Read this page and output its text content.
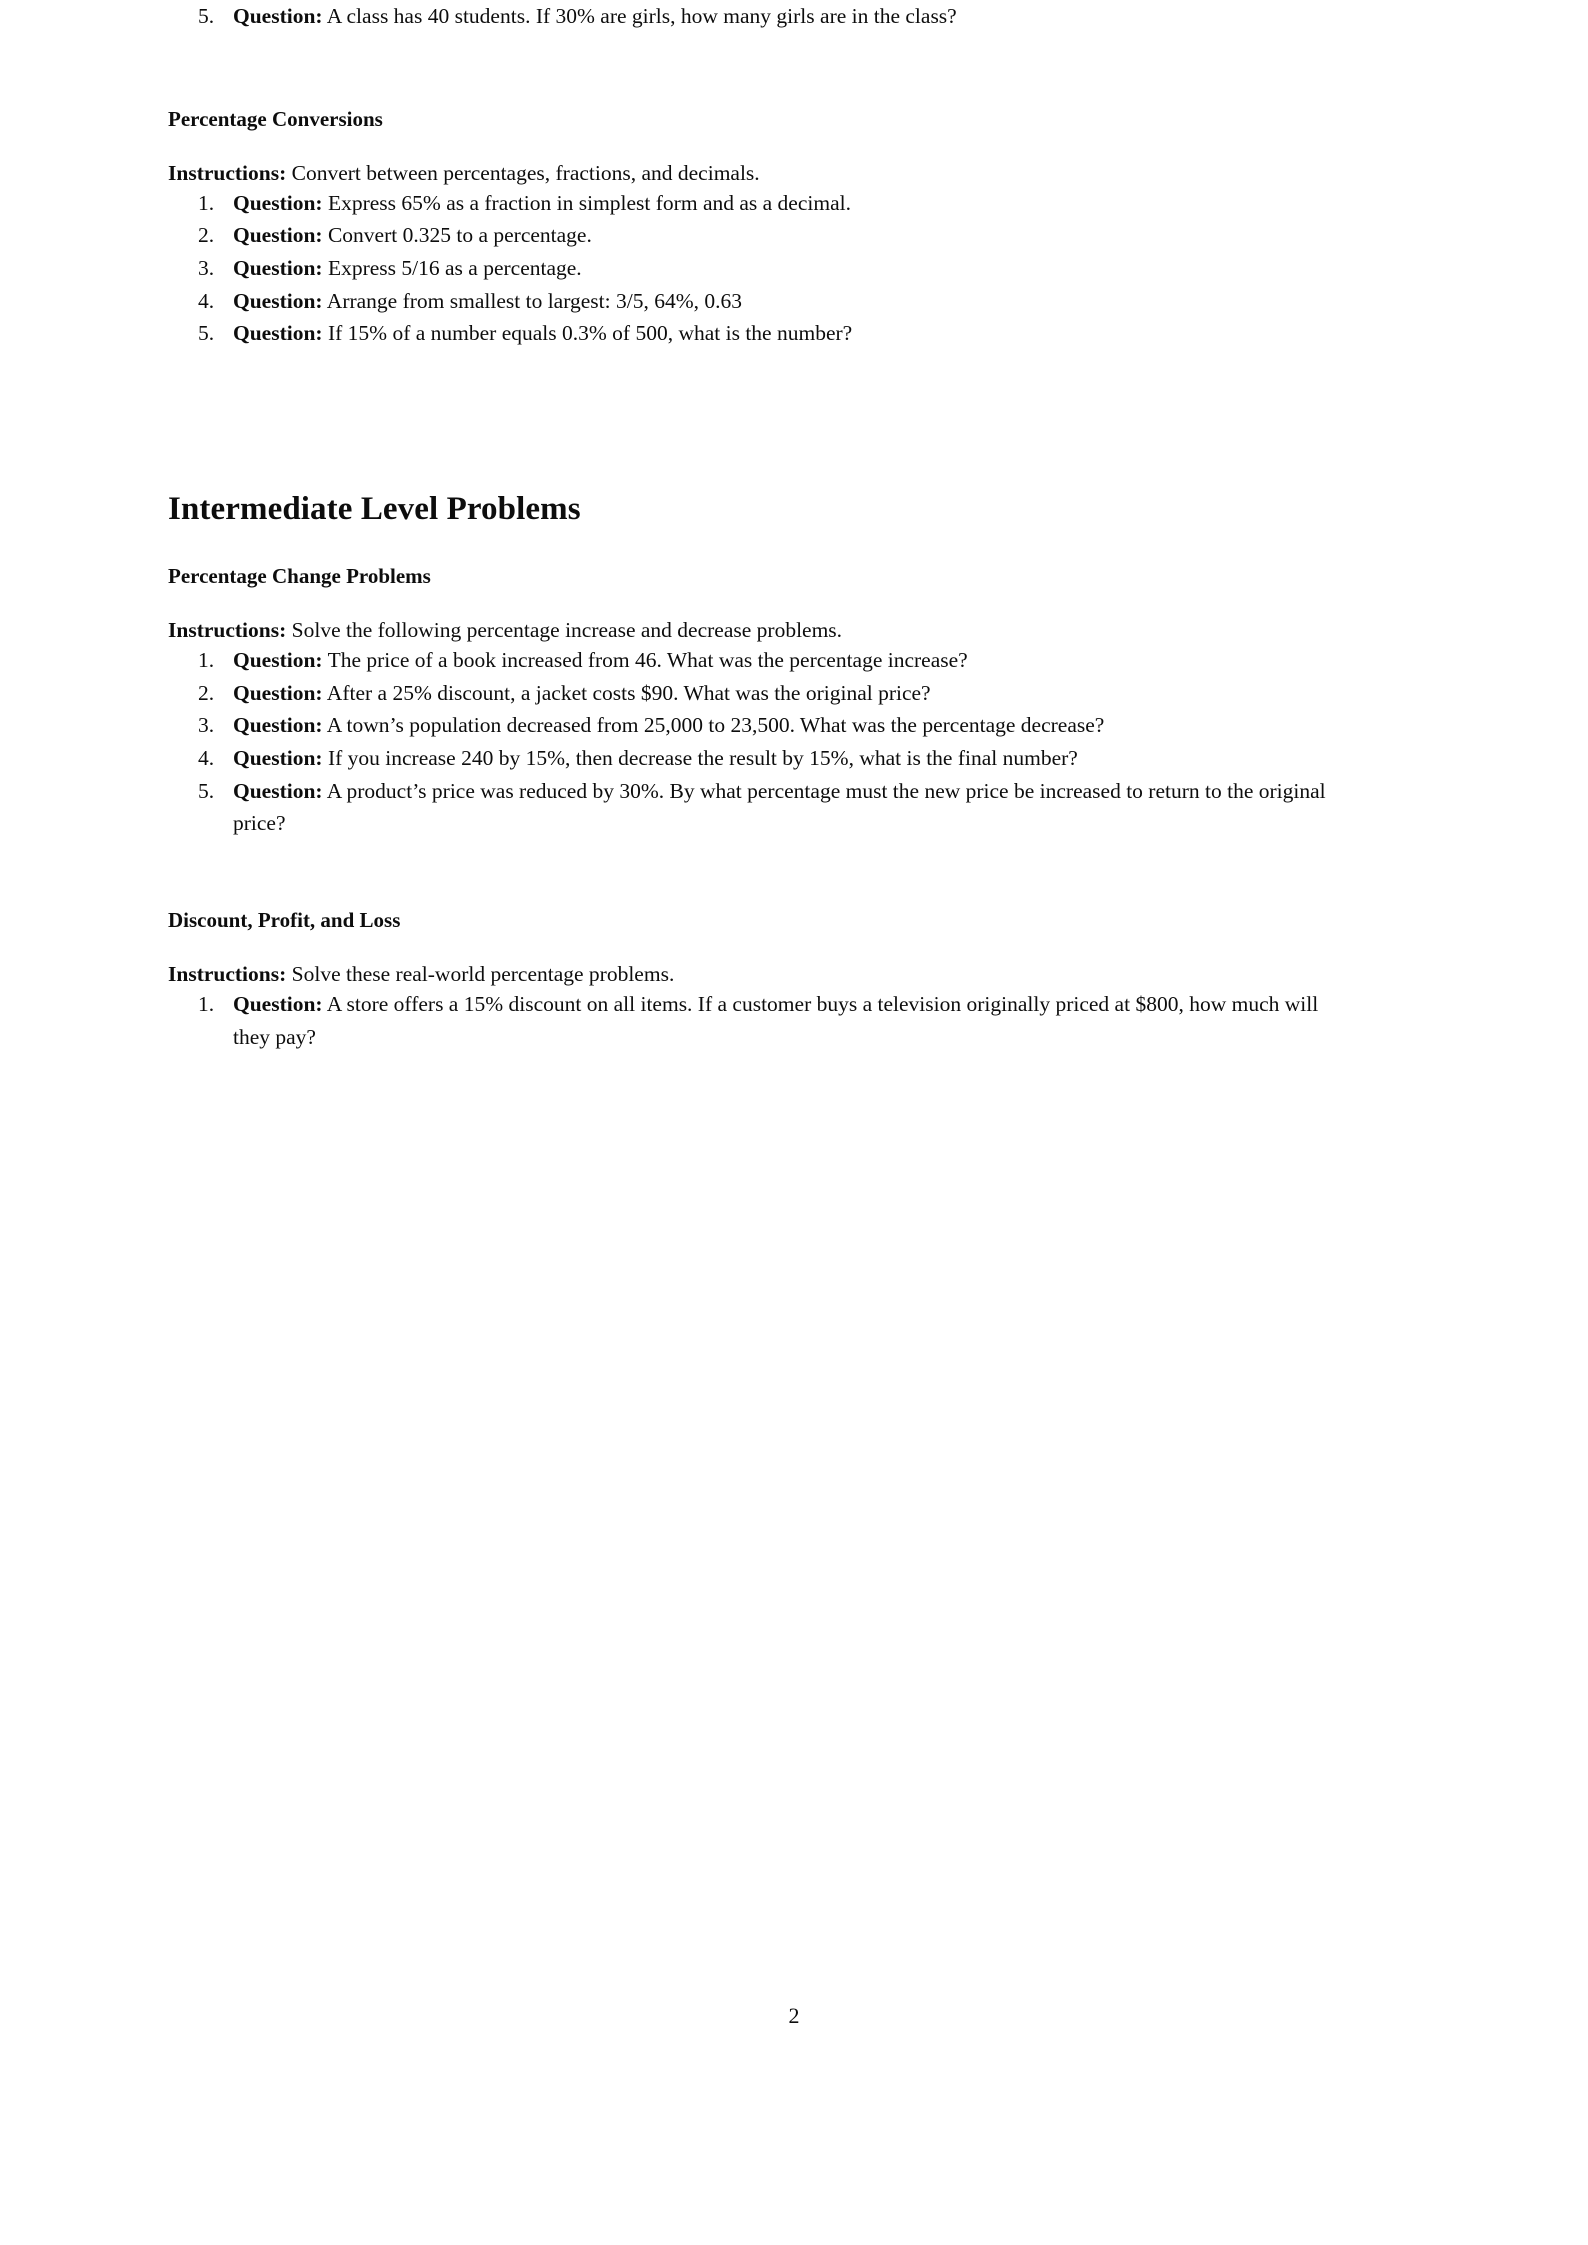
5. Question: A class has 40 students. If 30% are girls, how many girls are in the class?
Percentage Conversions

Instructions: Convert between percentages, fractions, and decimals.

1. Question: Express 65% as a fraction in simplest form and as a decimal.
2. Question: Convert 0.325 to a percentage.
3. Question: Express 5/16 as a percentage.
4. Question: Arrange from smallest to largest: 3/5, 64%, 0.63
5. Question: If 15% of a number equals 0.3% of 500, what is the number?
Intermediate Level Problems
Percentage Change Problems

Instructions: Solve the following percentage increase and decrease problems.

1. Question: The price of a book increased from 46. What was the percentage increase?
2. Question: After a 25% discount, a jacket costs $90. What was the original price?
3. Question: A town’s population decreased from 25,000 to 23,500. What was the percentage decrease?
4. Question: If you increase 240 by 15%, then decrease the result by 15%, what is the final number?
5. Question: A product’s price was reduced by 30%. By what percentage must the new price be increased to return to the original price?
Discount, Profit, and Loss

Instructions: Solve these real-world percentage problems.

1. Question: A store offers a 15% discount on all items. If a customer buys a television originally priced at $800, how much will they pay?
2
